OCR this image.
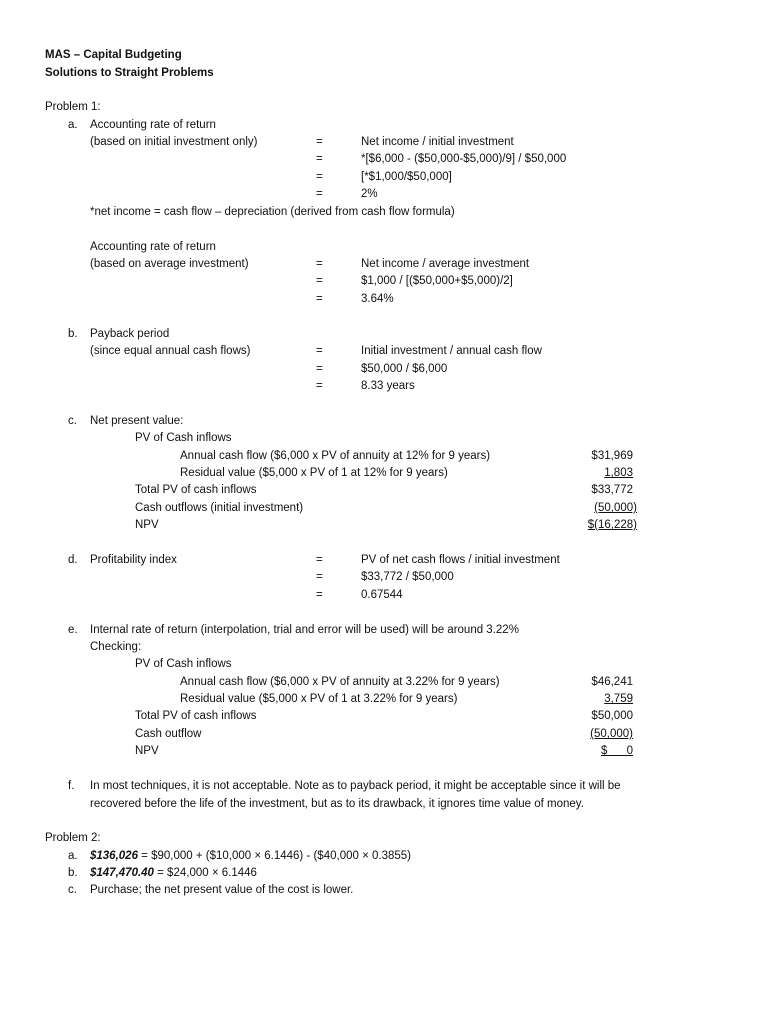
MAS – Capital Budgeting
Solutions to Straight Problems
Problem 1:
a. Accounting rate of return
(based on initial investment only)	=	Net income / initial investment
=	*[$6,000 - ($50,000-$5,000)/9] / $50,000
=	[*$1,000/$50,000]
=	2%
*net income = cash flow – depreciation (derived from cash flow formula)
Accounting rate of return
(based on average investment)	=	Net income / average investment
=	$1,000 / [($50,000+$5,000)/2]
=	3.64%
b. Payback period
(since equal annual cash flows)	=	Initial investment / annual cash flow
=	$50,000 / $6,000
=	8.33 years
c. Net present value:
PV of Cash inflows
Annual cash flow ($6,000 x PV of annuity at 12% for 9 years)	$31,969
Residual value ($5,000 x PV of 1 at 12% for 9 years)	1,803
Total PV of cash inflows	$33,772
Cash outflows (initial investment)	(50,000)
NPV	$(16,228)
d. Profitability index	=	PV of net cash flows / initial investment
=	$33,772 / $50,000
=	0.67544
e. Internal rate of return (interpolation, trial and error will be used) will be around 3.22%
Checking:
PV of Cash inflows
Annual cash flow ($6,000 x PV of annuity at 3.22% for 9 years)	$46,241
Residual value ($5,000 x PV of 1 at 3.22% for 9 years)	3,759
Total PV of cash inflows	$50,000
Cash outflow	(50,000)
NPV	$      0
f. In most techniques, it is not acceptable. Note as to payback period, it might be acceptable since it will be
recovered before the life of the investment, but as to its drawback, it ignores time value of money.
Problem 2:
a. $136,026 = $90,000 + ($10,000 × 6.1446) - ($40,000 × 0.3855)
b. $147,470.40 = $24,000 × 6.1446
c. Purchase; the net present value of the cost is lower.
